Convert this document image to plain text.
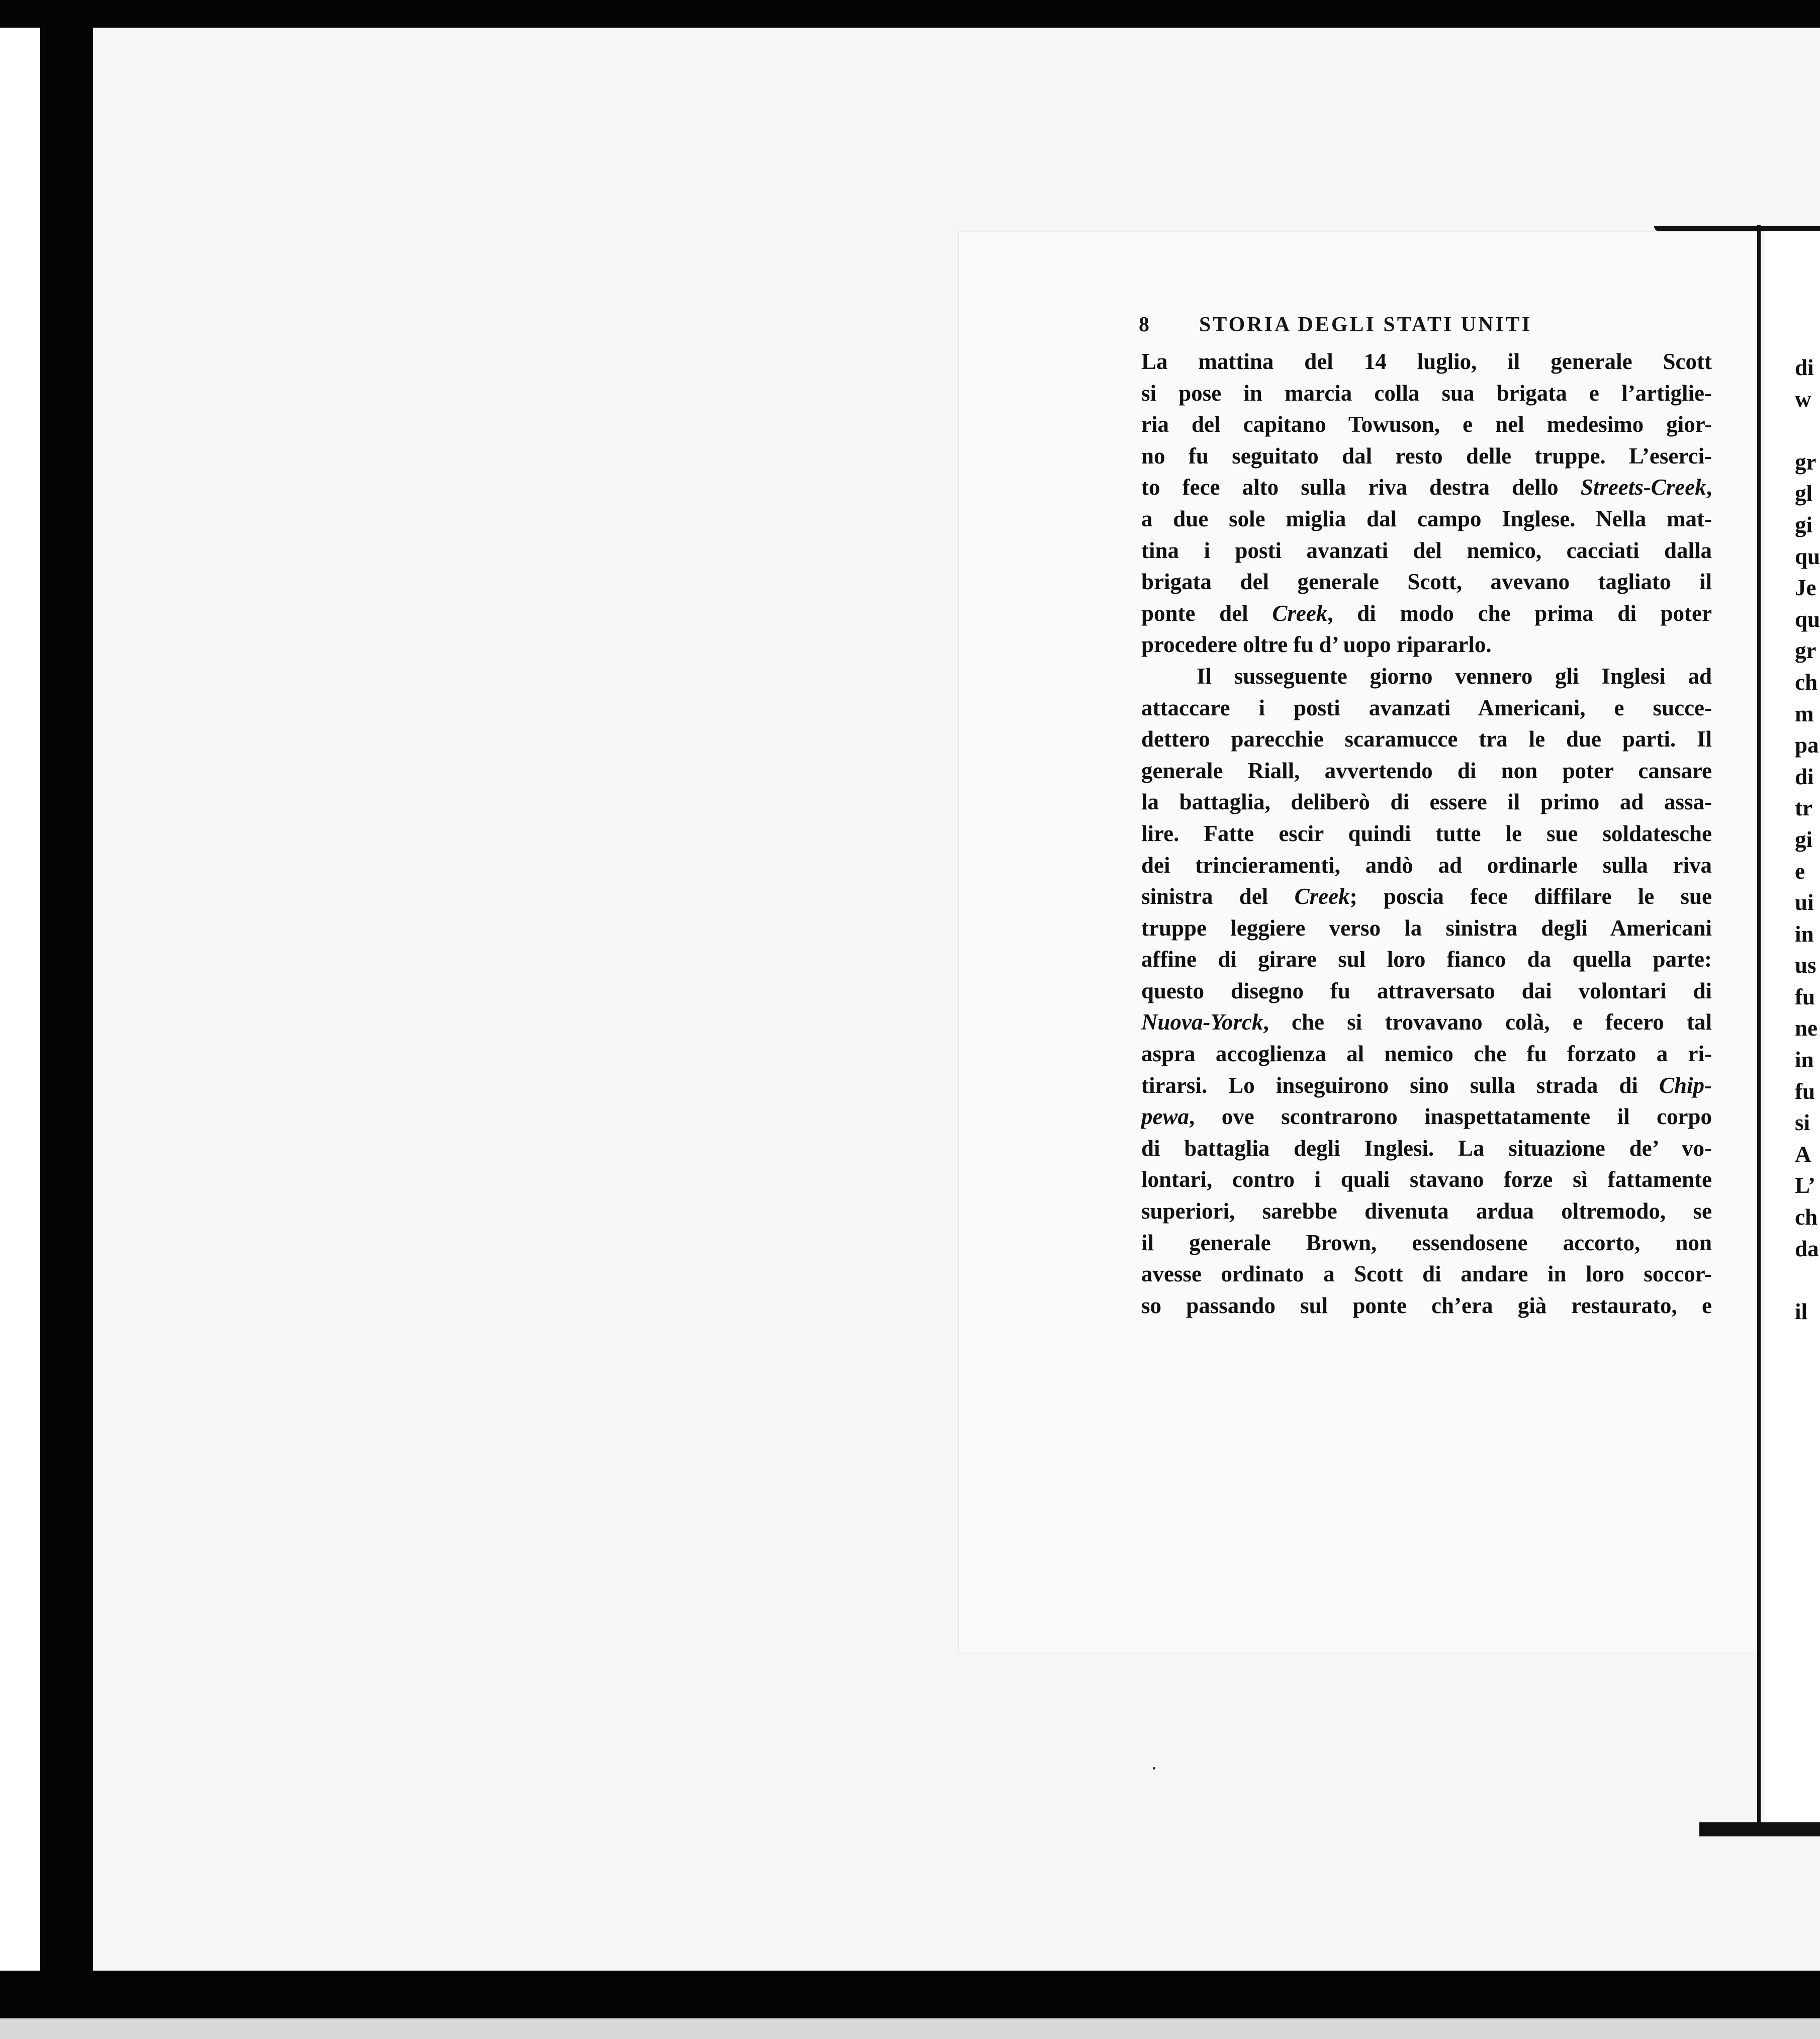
8 STORIA DEGLI STATI UNITI
La mattina del 14 luglio, il generale Scott
si pose in marcia colla sua brigata e l’artiglie-
ria del capitano Towuson, e nel medesimo gior-
no fu seguitato dal resto delle truppe. L’eserci-
to fece alto sulla riva destra dello Streets-Creek,
a due sole miglia dal campo Inglese. Nella mat-
tina i posti avanzati del nemico, cacciati dalla
brigata del generale Scott, avevano tagliato il
ponte del Creek, di modo che prima di poter
procedere oltre fu d’ uopo ripararlo.
Il susseguente giorno vennero gli Inglesi ad
attaccare i posti avanzati Americani, e succe-
dettero parecchie scaramucce tra le due parti. Il
generale Riall, avvertendo di non poter cansare
la battaglia, deliberò di essere il primo ad assa-
lire. Fatte escir quindi tutte le sue soldatesche
dei trincieramenti, andò ad ordinarle sulla riva
sinistra del Creek; poscia fece diffilare le sue
truppe leggiere verso la sinistra degli Americani
affine di girare sul loro fianco da quella parte:
questo disegno fu attraversato dai volontari di
Nuova-Yorck, che si trovavano colà, e fecero tal
aspra accoglienza al nemico che fu forzato a ri-
tirarsi. Lo inseguirono sino sulla strada di Chip-
pewa, ove scontrarono inaspettatamente il corpo
di battaglia degli Inglesi. La situazione de’ vo-
lontari, contro i quali stavano forze sì fattamente
superiori, sarebbe divenuta ardua oltremodo, se
il generale Brown, essendosene accorto, non
avesse ordinato a Scott di andare in loro soccor-
so passando sul ponte ch’era già restaurato, e
di
w
gr
gl
gi
qu
Je
qu
gr
ch
m
pa
di
tr
gi
e
ui
in
us
fu
ne
in
fu
si
A
L’
ch
da
il
